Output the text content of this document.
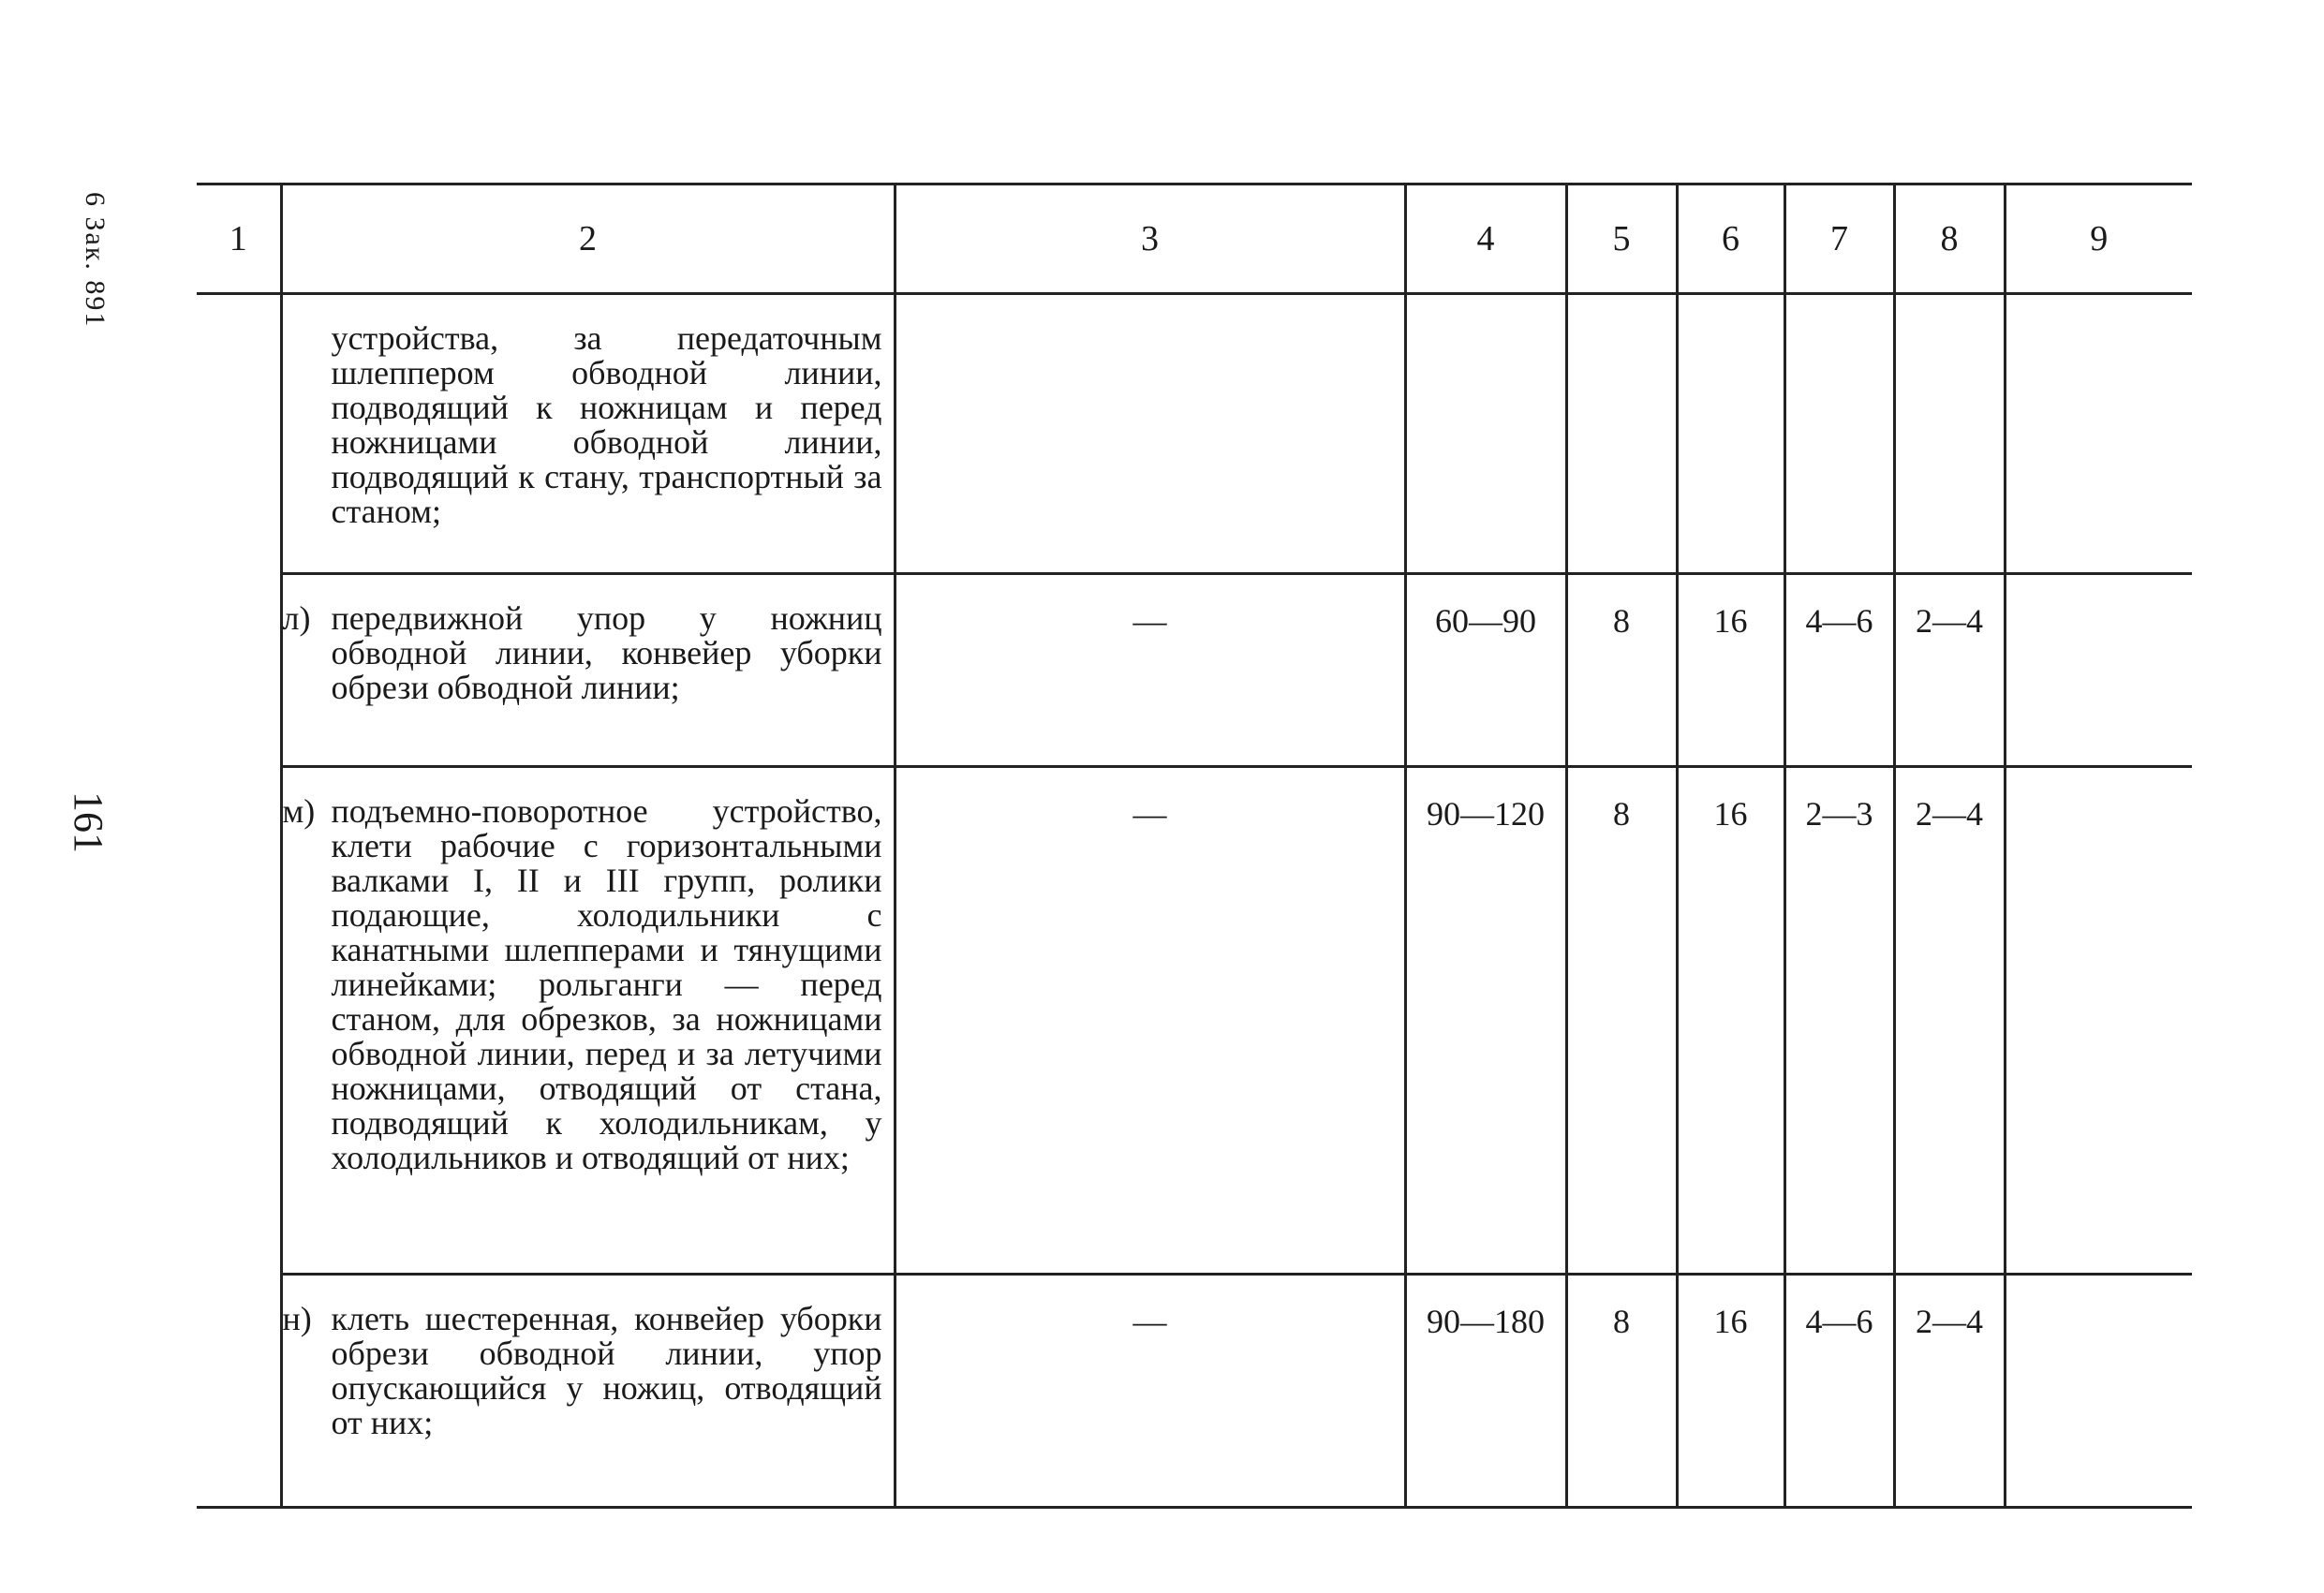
6 Зак. 891
161
1	2	3	4	5	6	7	8	9

	устройства, за передаточным шлеппером обводной линии, подводящий к ножницам и перед ножницами обводной линии, подводящий к стану, транспортный за станом;							

	л) передвижной упор у ножниц обводной линии, конвейер уборки обрези обводной линии;	—	60—90	8	16	4—6	2—4	

	м) подъемно-поворотное устройство, клети рабочие с горизонтальными валками I, II и III групп, ролики подающие, холодильники с канатными шлепперами и тянущими линейками; рольганги — перед станом, для обрезков, за ножницами обводной линии, перед и за летучими ножницами, отводящий от стана, подводящий к холодильникам, у холодильников и отводящий от них;	—	90—120	8	16	2—3	2—4	

	н) клеть шестеренная, конвейер уборки обрези обводной линии, упор опускающийся у ножиц, отводящий от них;	—	90—180	8	16	4—6	2—4	
